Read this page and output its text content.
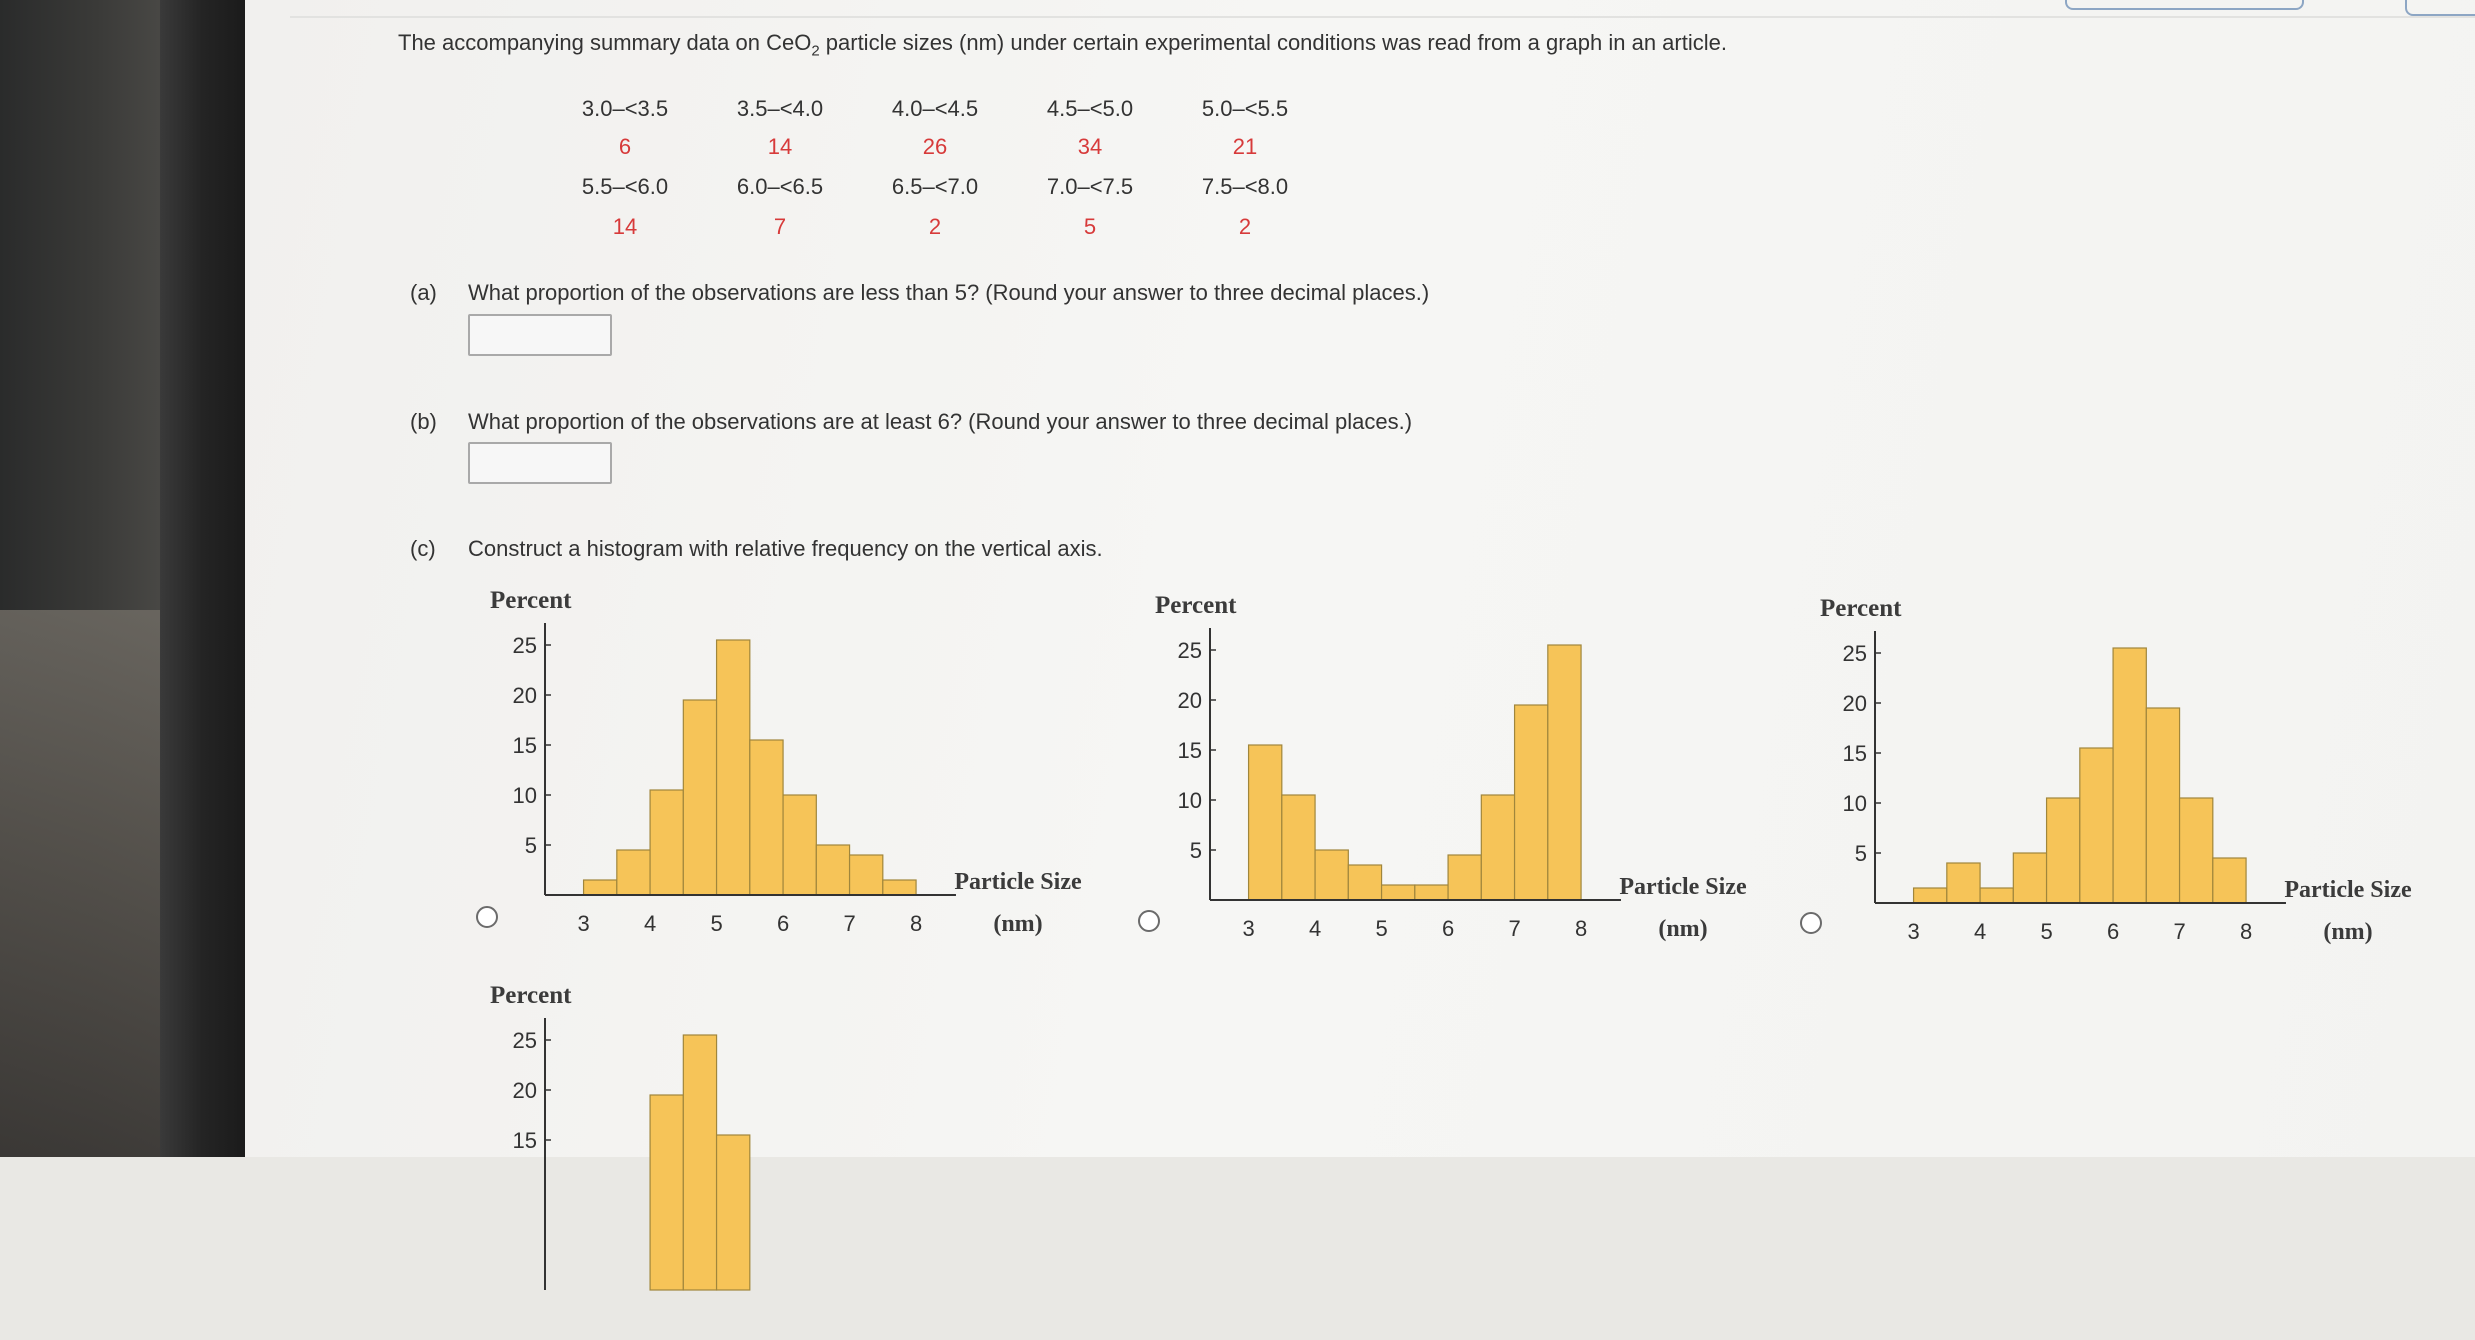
The accompanying summary data on CeO$_2$ particle sizes (nm) under certain experimental conditions was read from a graph in an article.
3.0–<3.5	3.5–<4.0	4.0–<4.5	4.5–<5.0	5.0–<5.5
6	14	26	34	21
5.5–<6.0	6.0–<6.5	6.5–<7.0	7.0–<7.5	7.5–<8.0
14	7	2	5	2
(a) What proportion of the observations are less than 5? (Round your answer to three decimal places.)
(b) What proportion of the observations are at least 6? (Round your answer to three decimal places.)
(c) Construct a histogram with relative frequency on the vertical axis.
Percent
5
10
15
20
25
3 4 5 6 7 8
Particle Size
(nm)
Percent
5
10
15
20
25
3 4 5 6 7 8
Particle Size
(nm)
Percent
5
10
15
20
25
3 4 5 6 7 8
Particle Size
(nm)
Percent
15
20
25
